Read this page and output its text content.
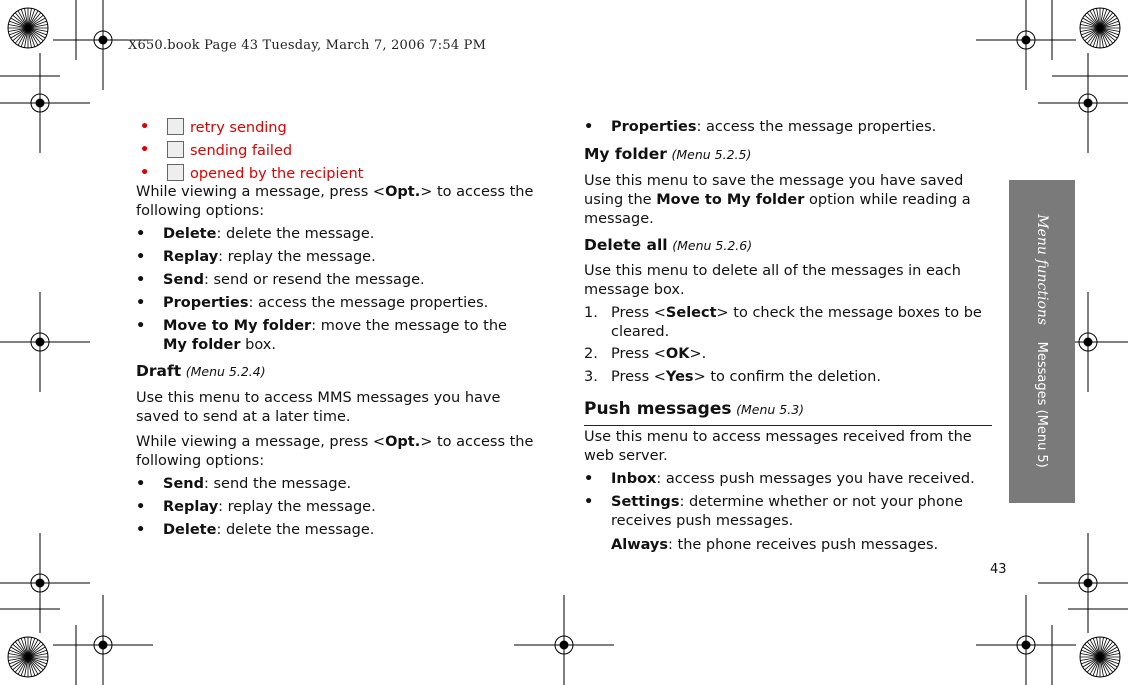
X650.book Page 43 Tuesday, March 7, 2006 7:54 PM
•	retry sending
•	sending failed
•	opened by the recipient

While viewing a message, press <Opt.> to access the following options:

• Delete: delete the message.
• Replay: replay the message.
• Send: send or resend the message.
• Properties: access the message properties.
• Move to My folder: move the message to the
My folder box.

Draft (Menu 5.2.4)

Use this menu to access MMS messages you have saved to send at a later time.

While viewing a message, press <Opt.> to access the following options:

• Send: send the message.
• Replay: replay the message.
• Delete: delete the message.
• Properties: access the message properties.

My folder (Menu 5.2.5)

Use this menu to save the message you have saved using the Move to My folder option while reading a message.

Delete all (Menu 5.2.6)

Use this menu to delete all of the messages in each message box.

1. Press <Select> to check the message boxes to be cleared.
2. Press <OK>.
3. Press <Yes> to confirm the deletion.

Push messages (Menu 5.3)

Use this menu to access messages received from the web server.

• Inbox: access push messages you have received.
• Settings: determine whether or not your phone receives push messages.
Always: the phone receives push messages.
Menu functions    Messages (Menu 5)
43
